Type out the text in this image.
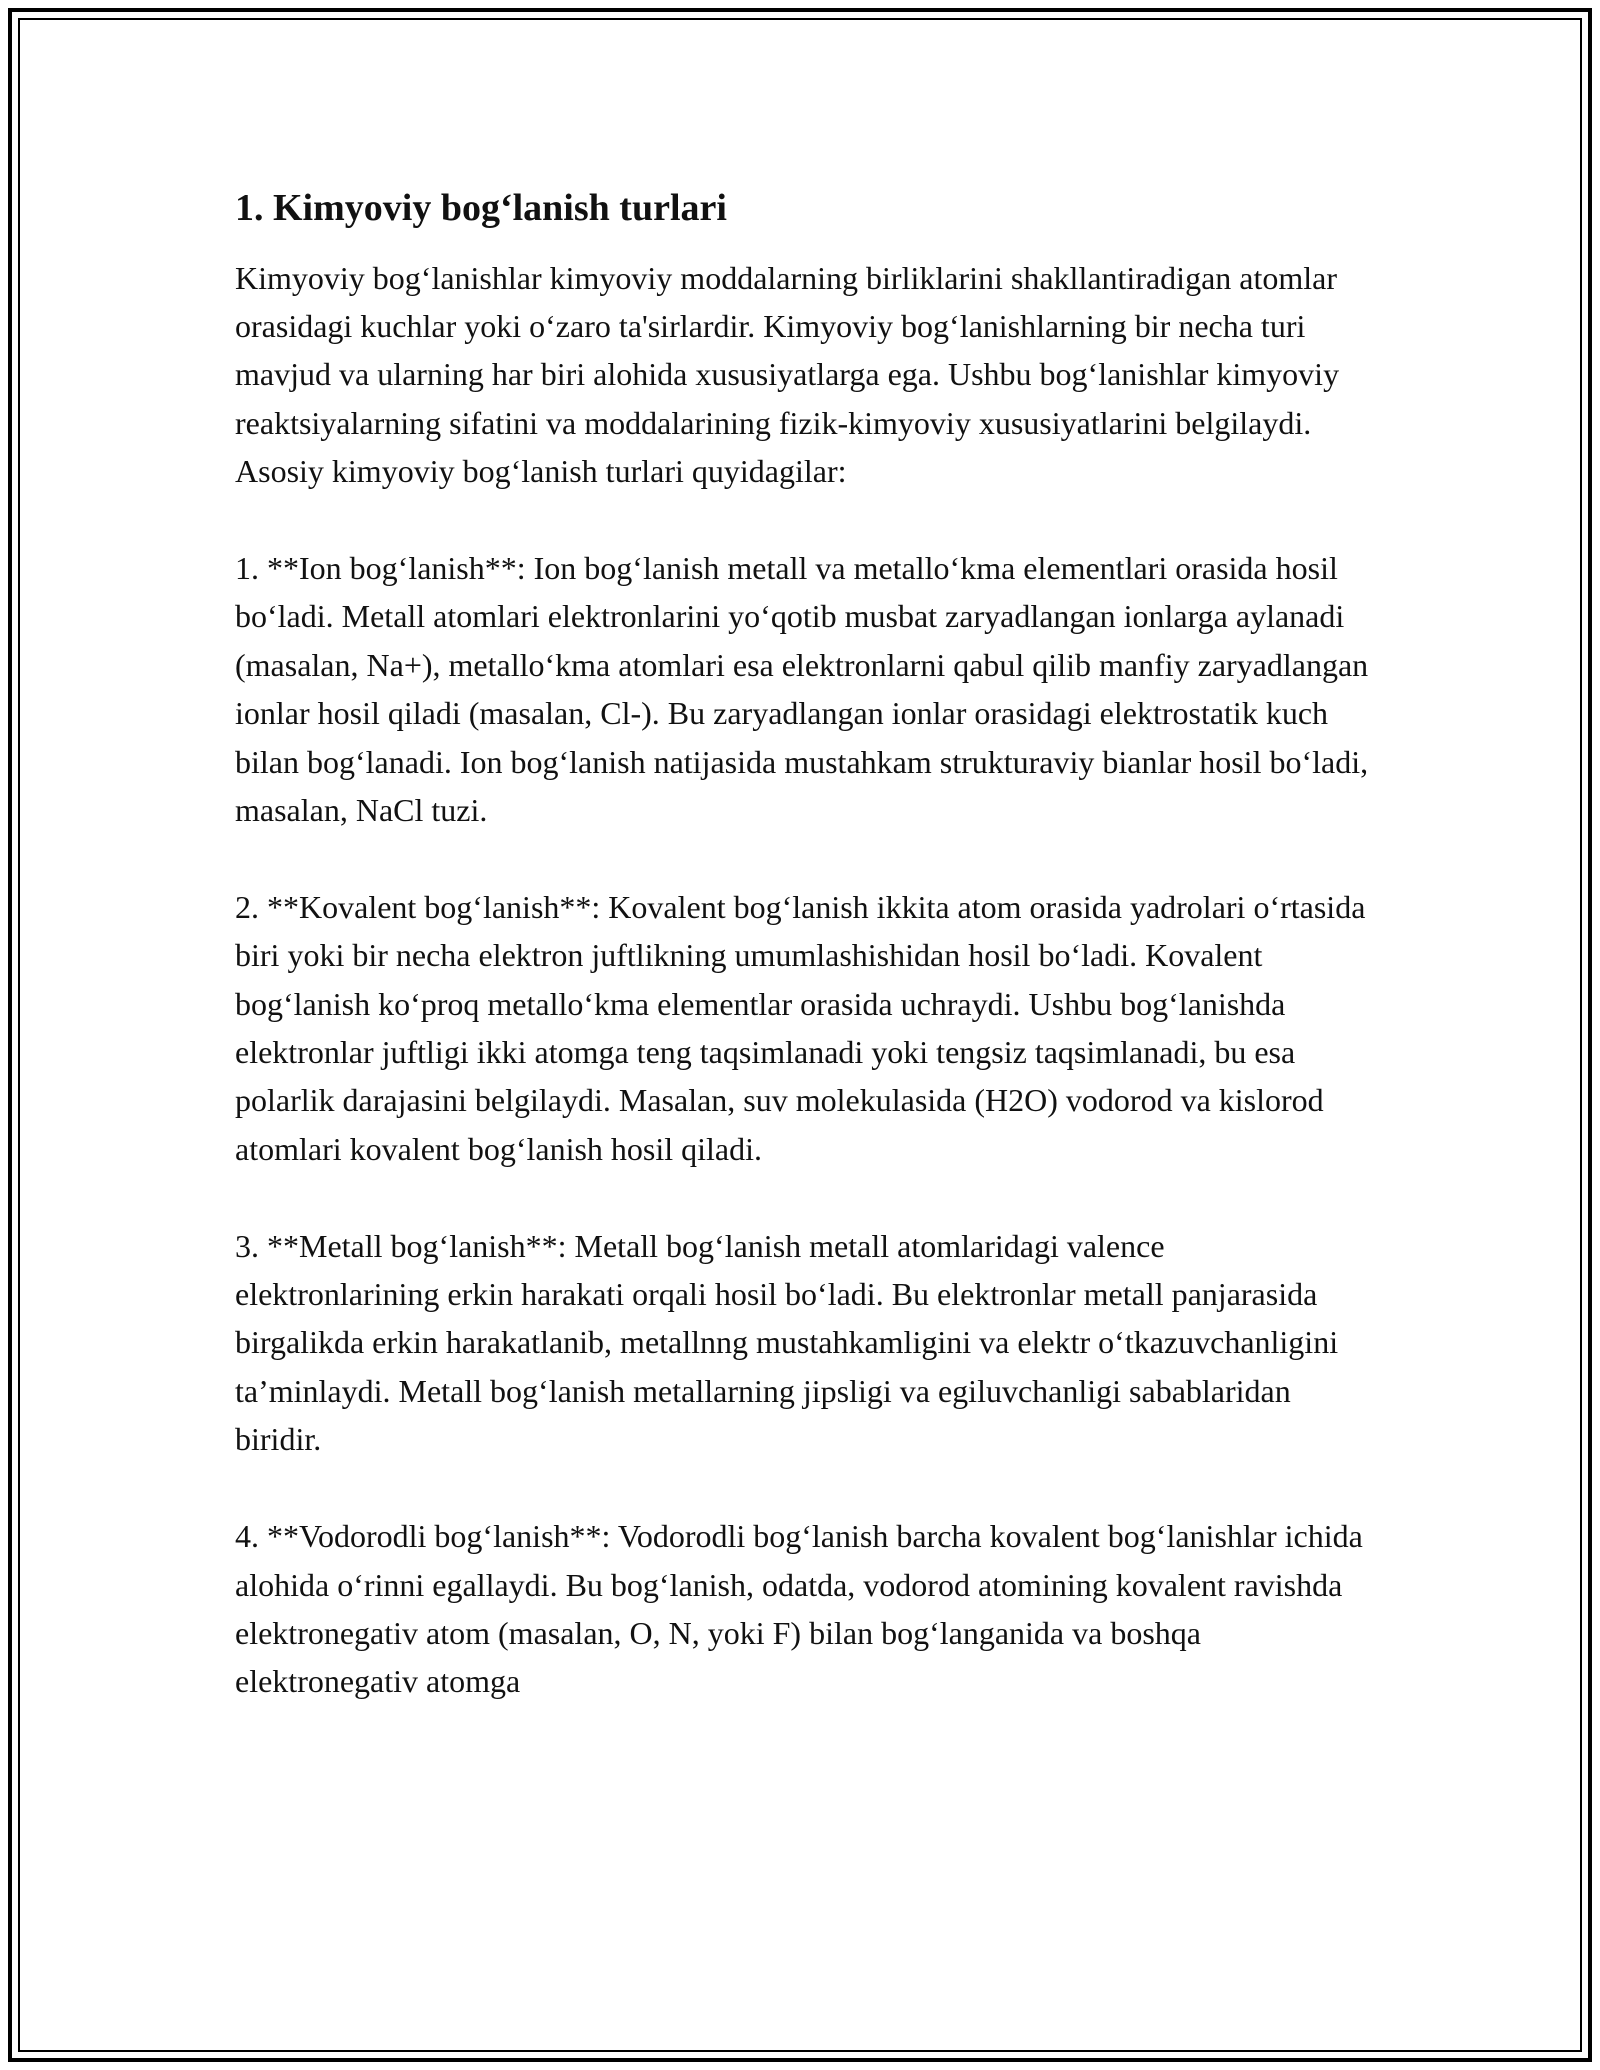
1. Kimyoviy bog‘lanish turlari

Kimyoviy bog‘lanishlar kimyoviy moddalarning birliklarini shakllantiradigan atomlar orasidagi kuchlar yoki o‘zaro ta'sirlardir. Kimyoviy bog‘lanishlarning bir necha turi mavjud va ularning har biri alohida xususiyatlarga ega. Ushbu bog‘lanishlar kimyoviy reaktsiyalarning sifatini va moddalarining fizik-kimyoviy xususiyatlarini belgilaydi. Asosiy kimyoviy bog‘lanish turlari quyidagilar:

1. **Ion bog‘lanish**: Ion bog‘lanish metall va metallo‘kma elementlari orasida hosil bo‘ladi. Metall atomlari elektronlarini yo‘qotib musbat zaryadlangan ionlarga aylanadi (masalan, Na+), metallo‘kma atomlari esa elektronlarni qabul qilib manfiy zaryadlangan ionlar hosil qiladi (masalan, Cl-). Bu zaryadlangan ionlar orasidagi elektrostatik kuch bilan bog‘lanadi. Ion bog‘lanish natijasida mustahkam strukturaviy bianlar hosil bo‘ladi, masalan, NaCl tuzi.

2. **Kovalent bog‘lanish**: Kovalent bog‘lanish ikkita atom orasida yadrolari o‘rtasida biri yoki bir necha elektron juftlikning umumlashishidan hosil bo‘ladi. Kovalent bog‘lanish ko‘proq metallo‘kma elementlar orasida uchraydi. Ushbu bog‘lanishda elektronlar juftligi ikki atomga teng taqsimlanadi yoki tengsiz taqsimlanadi, bu esa polarlik darajasini belgilaydi. Masalan, suv molekulasida (H2O) vodorod va kislorod atomlari kovalent bog‘lanish hosil qiladi.

3. **Metall bog‘lanish**: Metall bog‘lanish metall atomlaridagi valence elektronlarining erkin harakati orqali hosil bo‘ladi. Bu elektronlar metall panjarasida birgalikda erkin harakatlanib, metallnng mustahkamligini va elektr o‘tkazuvchanligini ta’minlaydi. Metall bog‘lanish metallarning jipsligi va egiluvchanligi sabablaridan biridir.

4. **Vodorodli bog‘lanish**: Vodorodli bog‘lanish barcha kovalent bog‘lanishlar ichida alohida o‘rinni egallaydi. Bu bog‘lanish, odatda, vodorod atomining kovalent ravishda elektronegativ atom (masalan, O, N, yoki F) bilan bog‘langanida va boshqa elektronegativ atomga
